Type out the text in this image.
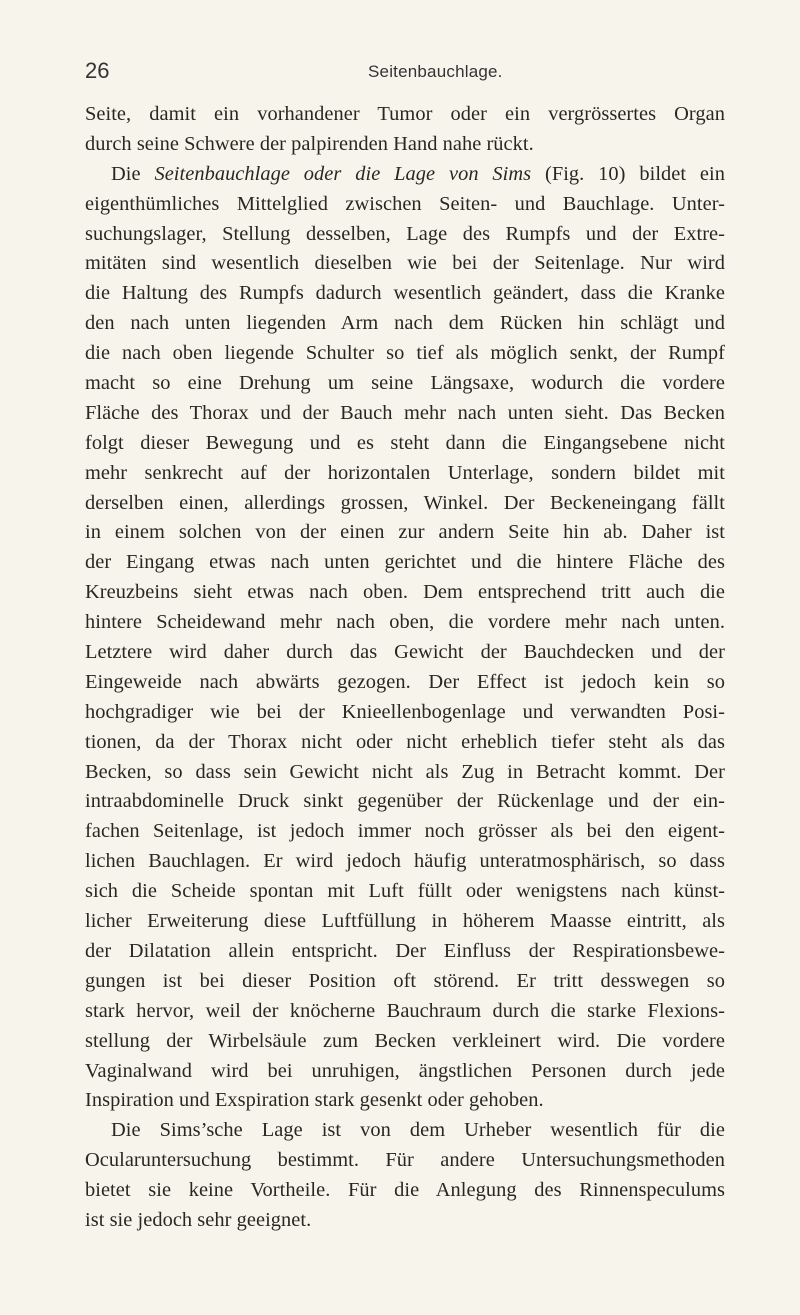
26	Seitenbauchlage.
Seite, damit ein vorhandener Tumor oder ein vergrössertes Organ
durch seine Schwere der palpirenden Hand nahe rückt.
Die Seitenbauchlage oder die Lage von Sims (Fig. 10) bildet ein
eigenthümliches Mittelglied zwischen Seiten- und Bauchlage. Unter-
suchungslager, Stellung desselben, Lage des Rumpfs und der Extre-
mitäten sind wesentlich dieselben wie bei der Seitenlage. Nur wird
die Haltung des Rumpfs dadurch wesentlich geändert, dass die Kranke
den nach unten liegenden Arm nach dem Rücken hin schlägt und
die nach oben liegende Schulter so tief als möglich senkt, der Rumpf
macht so eine Drehung um seine Längsaxe, wodurch die vordere
Fläche des Thorax und der Bauch mehr nach unten sieht. Das Becken
folgt dieser Bewegung und es steht dann die Eingangsebene nicht
mehr senkrecht auf der horizontalen Unterlage, sondern bildet mit
derselben einen, allerdings grossen, Winkel. Der Beckeneingang fällt
in einem solchen von der einen zur andern Seite hin ab. Daher ist
der Eingang etwas nach unten gerichtet und die hintere Fläche des
Kreuzbeins sieht etwas nach oben. Dem entsprechend tritt auch die
hintere Scheidewand mehr nach oben, die vordere mehr nach unten.
Letztere wird daher durch das Gewicht der Bauchdecken und der
Eingeweide nach abwärts gezogen. Der Effect ist jedoch kein so
hochgradiger wie bei der Knieellenbogenlage und verwandten Posi-
tionen, da der Thorax nicht oder nicht erheblich tiefer steht als das
Becken, so dass sein Gewicht nicht als Zug in Betracht kommt. Der
intraabdominelle Druck sinkt gegenüber der Rückenlage und der ein-
fachen Seitenlage, ist jedoch immer noch grösser als bei den eigent-
lichen Bauchlagen. Er wird jedoch häufig unteratmosphärisch, so dass
sich die Scheide spontan mit Luft füllt oder wenigstens nach künst-
licher Erweiterung diese Luftfüllung in höherem Maasse eintritt, als
der Dilatation allein entspricht. Der Einfluss der Respirationsbewe-
gungen ist bei dieser Position oft störend. Er tritt desswegen so
stark hervor, weil der knöcherne Bauchraum durch die starke Flexions-
stellung der Wirbelsäule zum Becken verkleinert wird. Die vordere
Vaginalwand wird bei unruhigen, ängstlichen Personen durch jede
Inspiration und Exspiration stark gesenkt oder gehoben.
Die Sims’sche Lage ist von dem Urheber wesentlich für die
Ocularuntersuchung bestimmt. Für andere Untersuchungsmethoden
bietet sie keine Vortheile. Für die Anlegung des Rinnenspeculums
ist sie jedoch sehr geeignet.
